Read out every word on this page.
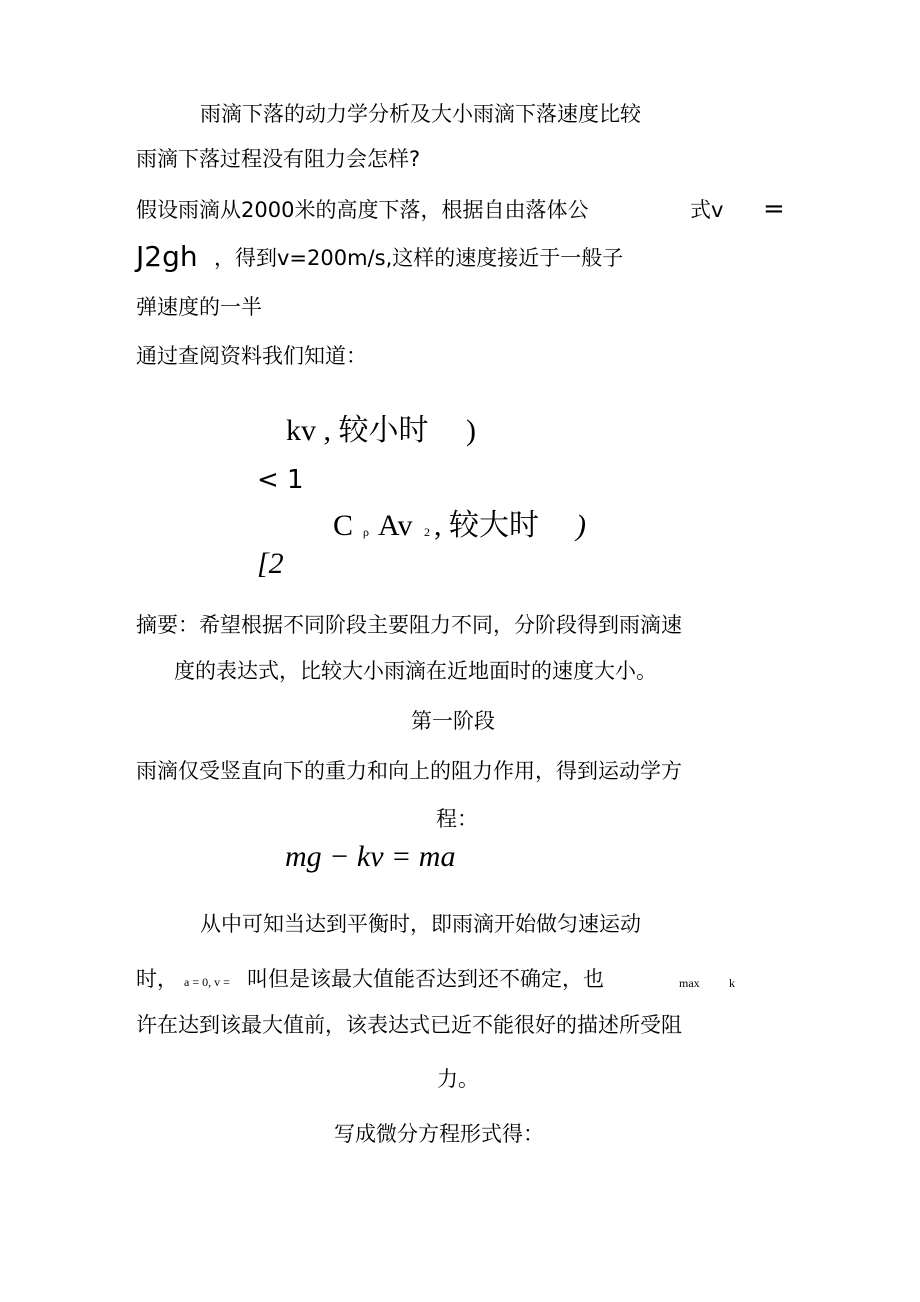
雨滴下落的动力学分析及大小雨滴下落速度比较
雨滴下落过程没有阻力会怎样?
假设雨滴从2000米的高度下落，根据自由落体公	式v =
J2gh ，得到v=200m/s,这样的速度接近于一般子
弹速度的一半
通过查阅资料我们知道：
kv , 较小时 )
< 1
C ρ Av 2 , 较大时 )
[2
摘要：希望根据不同阶段主要阻力不同，分阶段得到雨滴速
度的表达式，比较大小雨滴在近地面时的速度大小。
第一阶段
雨滴仅受竖直向下的重力和向上的阻力作用，得到运动学方
程：
mg − kv = ma
从中可知当达到平衡时，即雨滴开始做匀速运动
时， a = 0, v = 叫但是该最大值能否达到还不确定，也	max k
许在达到该最大值前，该表达式已近不能很好的描述所受阻
力。
写成微分方程形式得：
